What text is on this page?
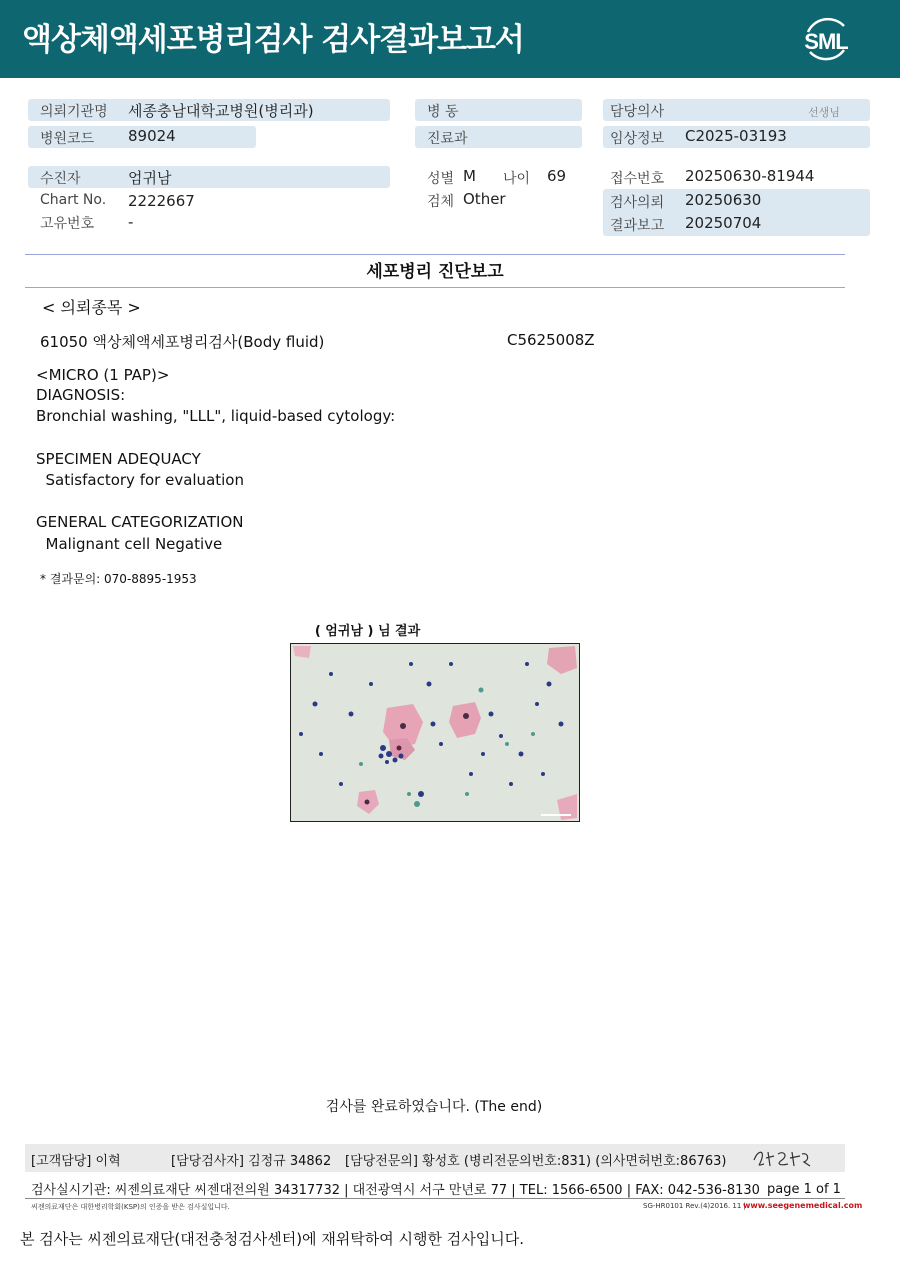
액상체액세포병리검사 검사결과보고서	SML
의뢰기관명 세종충남대학교병원(병리과)	병 동	담당의사	선생님
병원코드 89024	진료과	임상정보 C2025-03193
수진자	엄귀남
Chart No. 2222667
고유번호 -
성별 M 나이 69
검체 Other
접수번호 20250630-81944
검사의뢰 20250630
결과보고 20250704
세포병리 진단보고
< 의뢰종목 >
61050 액상체액세포병리검사(Body fluid)	C5625008Z
<MICRO (1 PAP)>
DIAGNOSIS:
Bronchial washing, "LLL", liquid-based cytology:
SPECIMEN ADEQUACY
Satisfactory for evaluation
GENERAL CATEGORIZATION
Malignant cell Negative
* 결과문의: 070-8895-1953
( 엄귀남 ) 님 결과
검사를 완료하였습니다. (The end)
[고객담당] 이혁	[담당검사자] 김정규 34862 [담당전문의] 황성호 (병리전문의번호:831) (의사면허번호:86763)
검사실시기관: 씨젠의료재단 씨젠대전의원 34317732 | 대전광역시 서구 만년로 77 | TEL: 1566-6500 | FAX: 042-536-8130 page 1 of 1
씨젠의료재단은 대한병리학회(KSP)의 인증을 받은 검사실입니다.	SG-HR0101 Rev.(4)2016. 11 |
www.seegenemedical.com
본 검사는 씨젠의료재단(대전충청검사센터)에 재위탁하여 시행한 검사입니다.
